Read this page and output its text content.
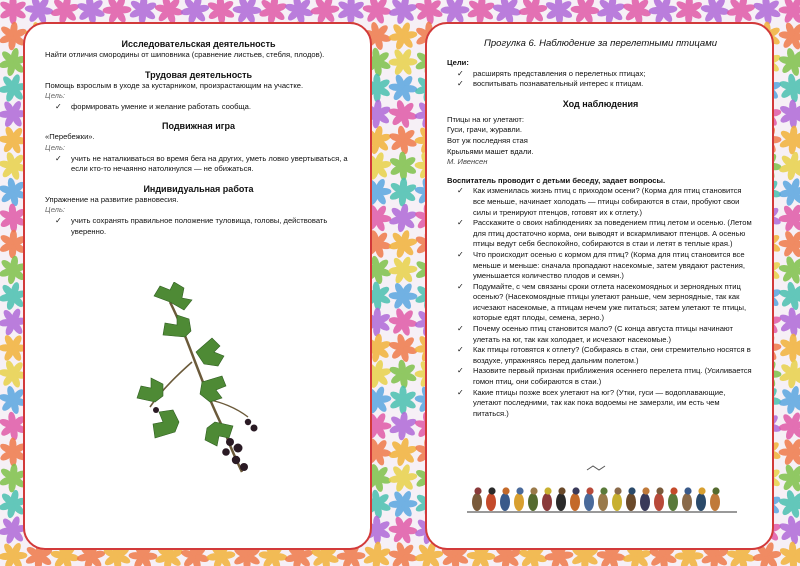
Исследовательская деятельность

Найти отличия смородины от шиповника (сравнение листьев, стебля, плодов).

Трудовая деятельность

Помощь взрослым в уходе за кустарником, произрастающим на участке.

Цель:

✓ формировать умение и желание работать сообща.
Подвижная игра

«Перебежки».

Цель:

✓ учить не наталкиваться во время бега на других, уметь ловко увертываться, а если кто-то нечаянно натолкнулся — не обижаться.
Индивидуальная работа

Упражнение на развитие равновесия.

Цель:

✓ учить сохранять правильное положение туловища, головы, действовать уверенно.
Прогулка 6. Наблюдение за перелетными птицами

Цели:

✓ расширять представления о перелетных птицах;
✓ воспитывать познавательный интерес к птицам.
Ход наблюдения

Птицы на юг улетают:

Гуси, грачи, журавли.

Вот уж последняя стая

Крыльями машет вдали.

М. Ивенсен

Воспитатель проводит с детьми беседу, задает вопросы.

✓ Как изменилась жизнь птиц с приходом осени? (Корма для птиц становится все меньше, начинает холодать — птицы собираются в стаи, пробуют свои силы и тренируют птенцов, готовят их к отлету.)
✓ Расскажите о своих наблюдениях за поведением птиц летом и осенью. (Летом для птиц достаточно корма, они выводят и вскармливают птенцов. А осенью птицы ведут себя беспокойно, собираются в стаи и летят в теплые края.)
✓ Что происходит осенью с кормом для птиц? (Корма для птиц становится все меньше и меньше: сначала пропадают насекомые, затем увядают растения, уменьшается количество плодов и семян.)
✓ Подумайте, с чем связаны сроки отлета насекомоядных и зерноядных птиц осенью? (Насекомоядные птицы улетают раньше, чем зерноядные, так как исчезают насекомые, а птицам нечем уже питаться; затем улетают те птицы, которые едят плоды, семена, зерно.)
✓ Почему осенью птиц становится мало? (С конца августа птицы начинают улетать на юг, так как холодает, и исчезают насекомые.)
✓ Как птицы готовятся к отлету? (Собираясь в стаи, они стремительно носятся в воздухе, упражняясь перед дальним полетом.)
✓ Назовите первый признак приближения осеннего перелета птиц. (Усиливается гомон птиц, они собираются в стаи.)
✓ Какие птицы позже всех улетают на юг? (Утки, гуси — водоплавающие, улетают последними, так как пока водоемы не замерзли, им есть чем питаться.)
